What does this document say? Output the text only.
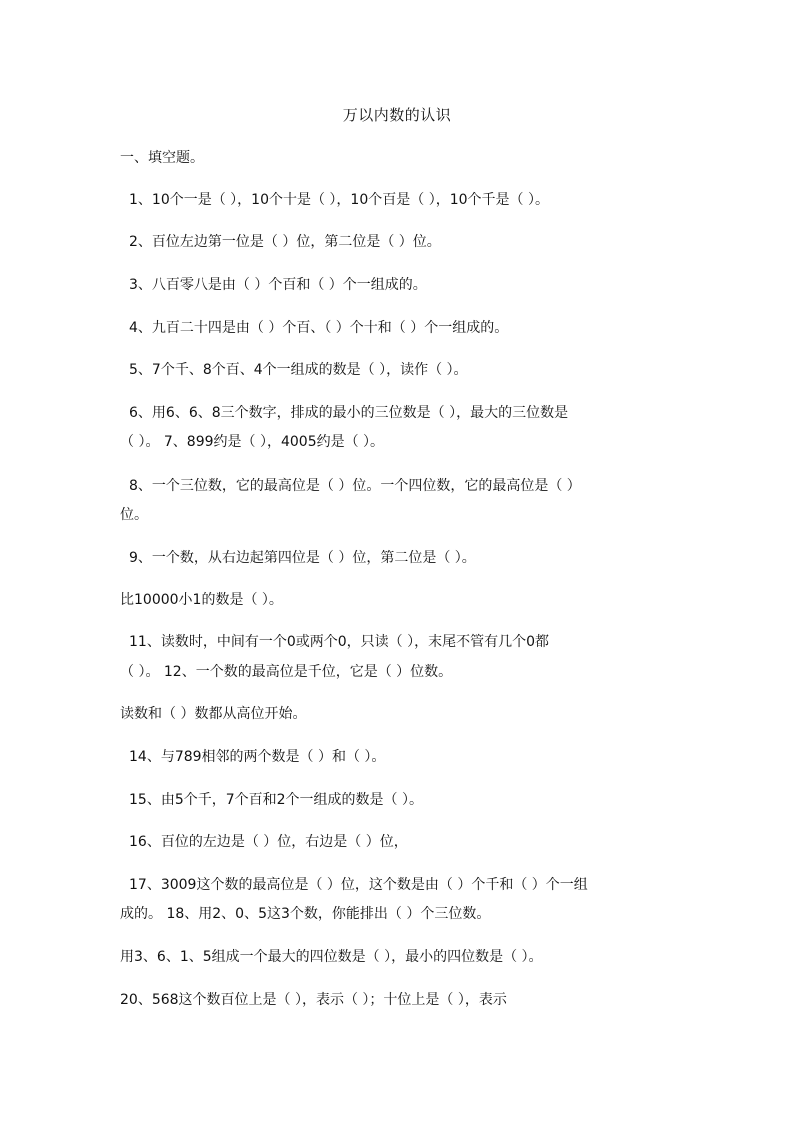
万以内数的认识
一、填空题。
1、10个一是（ ），10个十是（ ），10个百是（ ），10个千是（ ）。
2、百位左边第一位是（ ）位，第二位是（ ）位。
3、八百零八是由（ ）个百和（ ）个一组成的。
4、九百二十四是由（ ）个百、（ ）个十和（ ）个一组成的。
5、7个千、8个百、4个一组成的数是（ ），读作（ ）。
6、用6、6、8三个数字，排成的最小的三位数是（ ），最大的三位数是
（ ）。 7、899约是（ ），4005约是（ ）。
8、一个三位数，它的最高位是（ ）位。一个四位数，它的最高位是（ ）
位。
9、一个数，从右边起第四位是（ ）位，第二位是（ ）。
比10000小1的数是（ ）。
11、读数时，中间有一个0或两个0，只读（ ），末尾不管有几个0都
（ ）。 12、一个数的最高位是千位，它是（ ）位数。
读数和（ ）数都从高位开始。
14、与789相邻的两个数是（ ）和（ ）。
15、由5个千，7个百和2个一组成的数是（ ）。
16、百位的左边是（ ）位，右边是（ ）位，
17、3009这个数的最高位是（ ）位，这个数是由（ ）个千和（ ）个一组
成的。 18、用2、0、5这3个数，你能排出（ ）个三位数。
用3、6、1、5组成一个最大的四位数是（ ），最小的四位数是（ ）。
20、568这个数百位上是（ ），表示（ ）；十位上是（ ），表示
